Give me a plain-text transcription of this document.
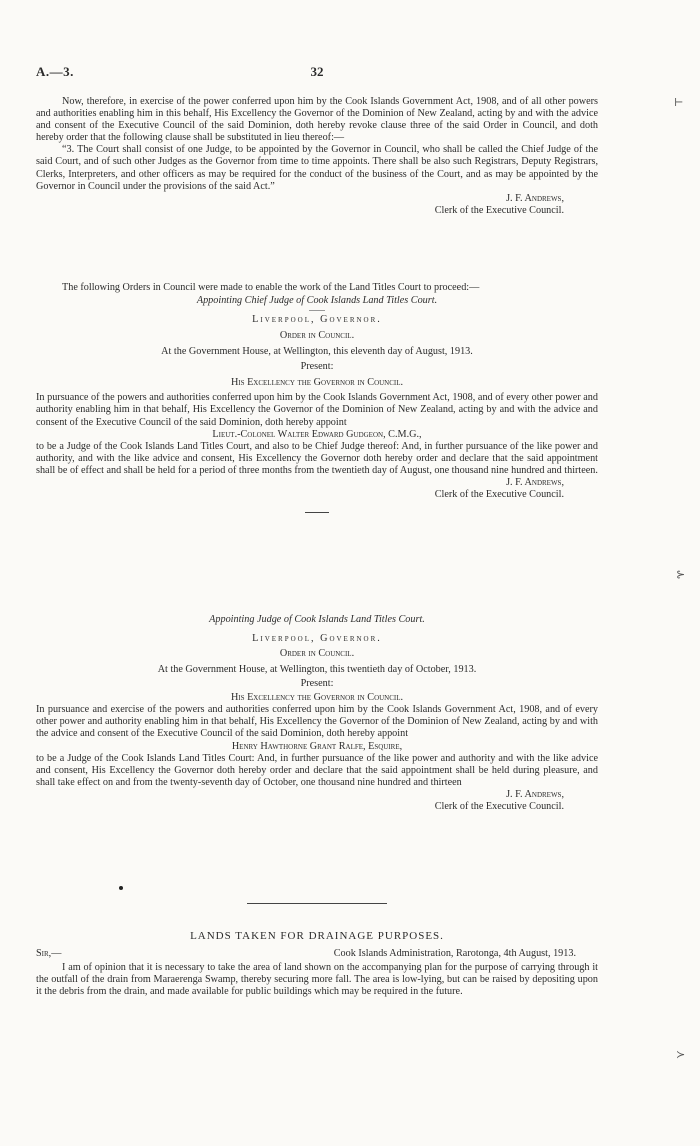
A.—3.	32

Now, therefore, in exercise of the power conferred upon him by the Cook Islands Government Act, 1908, and of all other powers and authorities enabling him in this behalf, His Excellency the Governor of the Dominion of New Zealand, acting by and with the advice and consent of the Executive Council of the said Dominion, doth hereby revoke clause three of the said Order in Council, and doth hereby order that the following clause shall be substituted in lieu thereof:—

“3. The Court shall consist of one Judge, to be appointed by the Governor in Council, who shall be called the Chief Judge of the said Court, and of such other Judges as the Governor from time to time appoints. There shall be also such Registrars, Deputy Registrars, Clerks, Interpreters, and other officers as may be required for the conduct of the business of the Court, and as may be appointed by the Governor in Council under the provisions of the said Act.”

J. F. Andrews,

Clerk of the Executive Council.

The following Orders in Council were made to enable the work of the Land Titles Court to proceed:—

Appointing Chief Judge of Cook Islands Land Titles Court.

Liverpool, Governor.

Order in Council.

At the Government House, at Wellington, this eleventh day of August, 1913.

Present:

His Excellency the Governor in Council.

In pursuance of the powers and authorities conferred upon him by the Cook Islands Government Act, 1908, and of every other power and authority enabling him in that behalf, His Excellency the Governor of the Dominion of New Zealand, acting by and with the advice and consent of the Executive Council of the said Dominion, doth hereby appoint

Lieut.-Colonel Walter Edward Gudgeon, C.M.G.,

to be a Judge of the Cook Islands Land Titles Court, and also to be Chief Judge thereof: And, in further pursuance of the like power and authority, and with the like advice and consent, His Excellency the Governor doth hereby order and declare that the said appointment shall be of effect and shall be held for a period of three months from the twentieth day of August, one thousand nine hundred and thirteen.

J. F. Andrews,

Clerk of the Executive Council.

Appointing Judge of Cook Islands Land Titles Court.

Liverpool, Governor.

Order in Council.

At the Government House, at Wellington, this twentieth day of October, 1913.

Present:

His Excellency the Governor in Council.

In pursuance and exercise of the powers and authorities conferred upon him by the Cook Islands Government Act, 1908, and of every other power and authority enabling him in that behalf, His Excellency the Governor of the Dominion of New Zealand, acting by and with the advice and consent of the Executive Council of the said Dominion, doth hereby appoint

Henry Hawthorne Grant Ralfe, Esquire,

to be a Judge of the Cook Islands Land Titles Court: And, in further pursuance of the like power and authority and with the like advice and consent, His Excellency the Governor doth hereby order and declare that the said appointment shall be held during pleasure, and shall take effect on and from the twenty-seventh day of October, one thousand nine hundred and thirteen

J. F. Andrews,

Clerk of the Executive Council.

LANDS TAKEN FOR DRAINAGE PURPOSES.

Sir,—	Cook Islands Administration, Rarotonga, 4th August, 1913.

I am of opinion that it is necessary to take the area of land shown on the accompanying plan for the purpose of carrying through it the outfall of the drain from Maraerenga Swamp, thereby securing more fall. The area is low-lying, but can be raised by depositing upon it the debris from the drain, and made available for public buildings which may be required in the future.

⊢
⊱
≻
